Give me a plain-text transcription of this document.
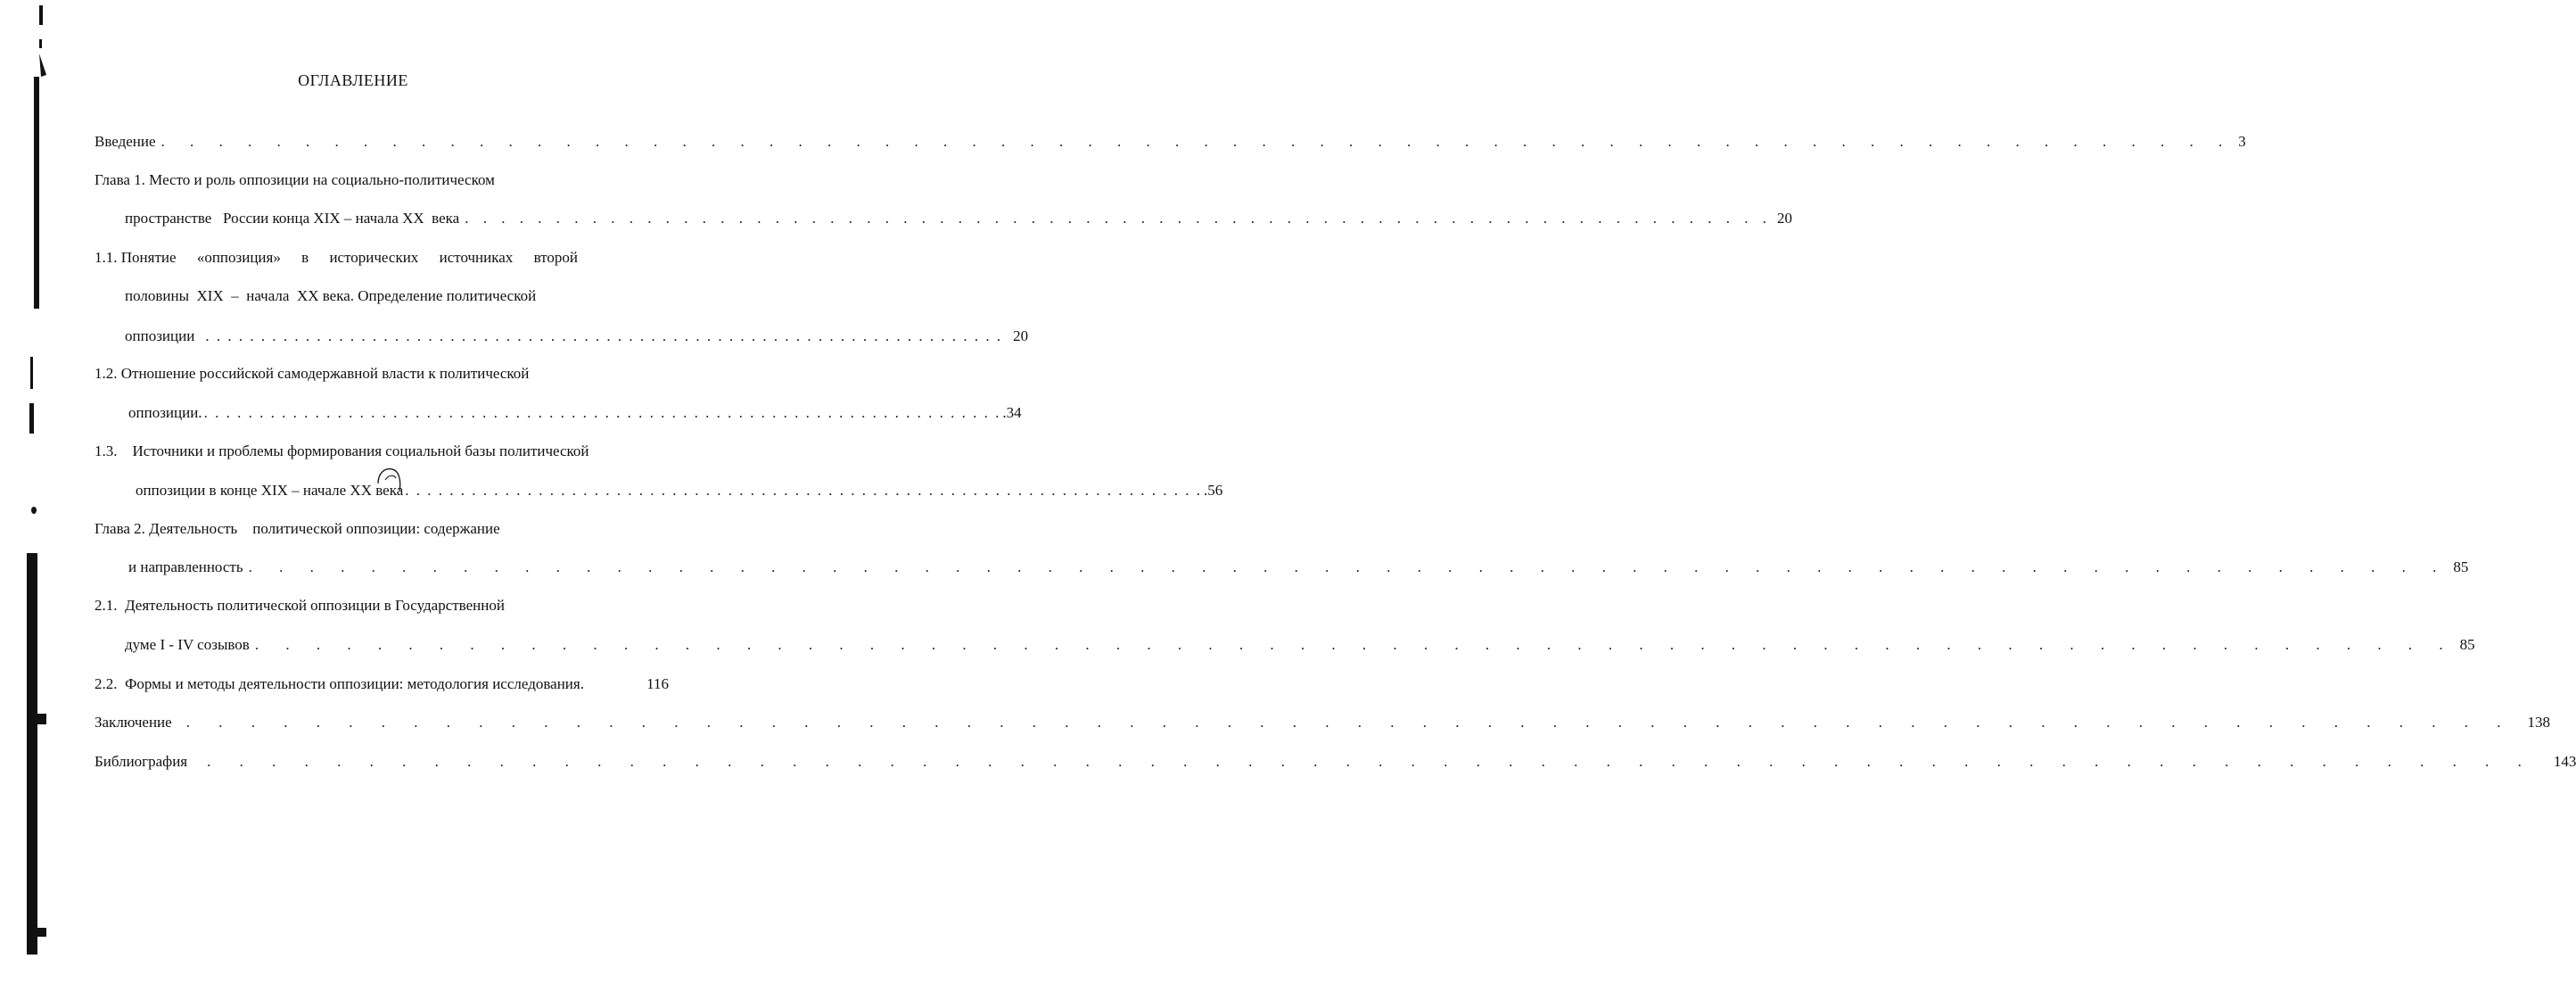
ОГЛАВЛЕНИЕ
Введение . . . . . . . . . . . . . . . . . . . . . . . . . . . . . . . . . . . . . . . . . . . . . . . . . . . . . . . . . . . . . . . . . . . . . . . . 3
Глава 1. Место и роль оппозиции на социально-политическом
пространстве   России конца XIX – начала XX  века . . . . . . . . . . . . . . . . . . . . . . . . . . . . . . . . . . . . . . . . . . . . . . . . . . . . . . . . . . . . . . . . . . . . . . . . 20
1.1. Понятие «оппозиция» в исторических источниках второй
половины  XIX  –  начала  XX века. Определение политической
оппозиции . . . . . . . . . . . . . . . . . . . . . . . . . . . . . . . . . . . . . . . . . . . . . . . . . . . . . . . . . . . . . . . . . . . . . . . . 20
1.2. Отношение российской самодержавной власти к политической
оппозиции. . . . . . . . . . . . . . . . . . . . . . . . . . . . . . . . . . . . . . . . . . . . . . . . . . . . . . . . . . . . . . . . . . . . . . . . . .34
1.3.    Источники и проблемы формирования социальной базы политической
оппозиции в конце XIX – начале XX века . . . . . . . . . . . . . . . . . . . . . . . . . . . . . . . . . . . . . . . . . . . . . . . . . . . . . . . . . . . . . . . . . . . . . . . . .56
Глава 2. Деятельность    политической оппозиции: содержание
и направленность . . . . . . . . . . . . . . . . . . . . . . . . . . . . . . . . . . . . . . . . . . . . . . . . . . . . . . . . . . . . . . . . . . . . . . . . 85
2.1.  Деятельность политической оппозиции в Государственной
думе I - IV созывов . . . . . . . . . . . . . . . . . . . . . . . . . . . . . . . . . . . . . . . . . . . . . . . . . . . . . . . . . . . . . . . . . . . . . . . . 85
2.2.  Формы и методы деятельности оппозиции: методология исследования.	116
Заключение . . . . . . . . . . . . . . . . . . . . . . . . . . . . . . . . . . . . . . . . . . . . . . . . . . . . . . . . . . . . . . . . . . . . . . . . 138
Библиография . . . . . . . . . . . . . . . . . . . . . . . . . . . . . . . . . . . . . . . . . . . . . . . . . . . . . . . . . . . . . . . . . . . . . . . . 143
